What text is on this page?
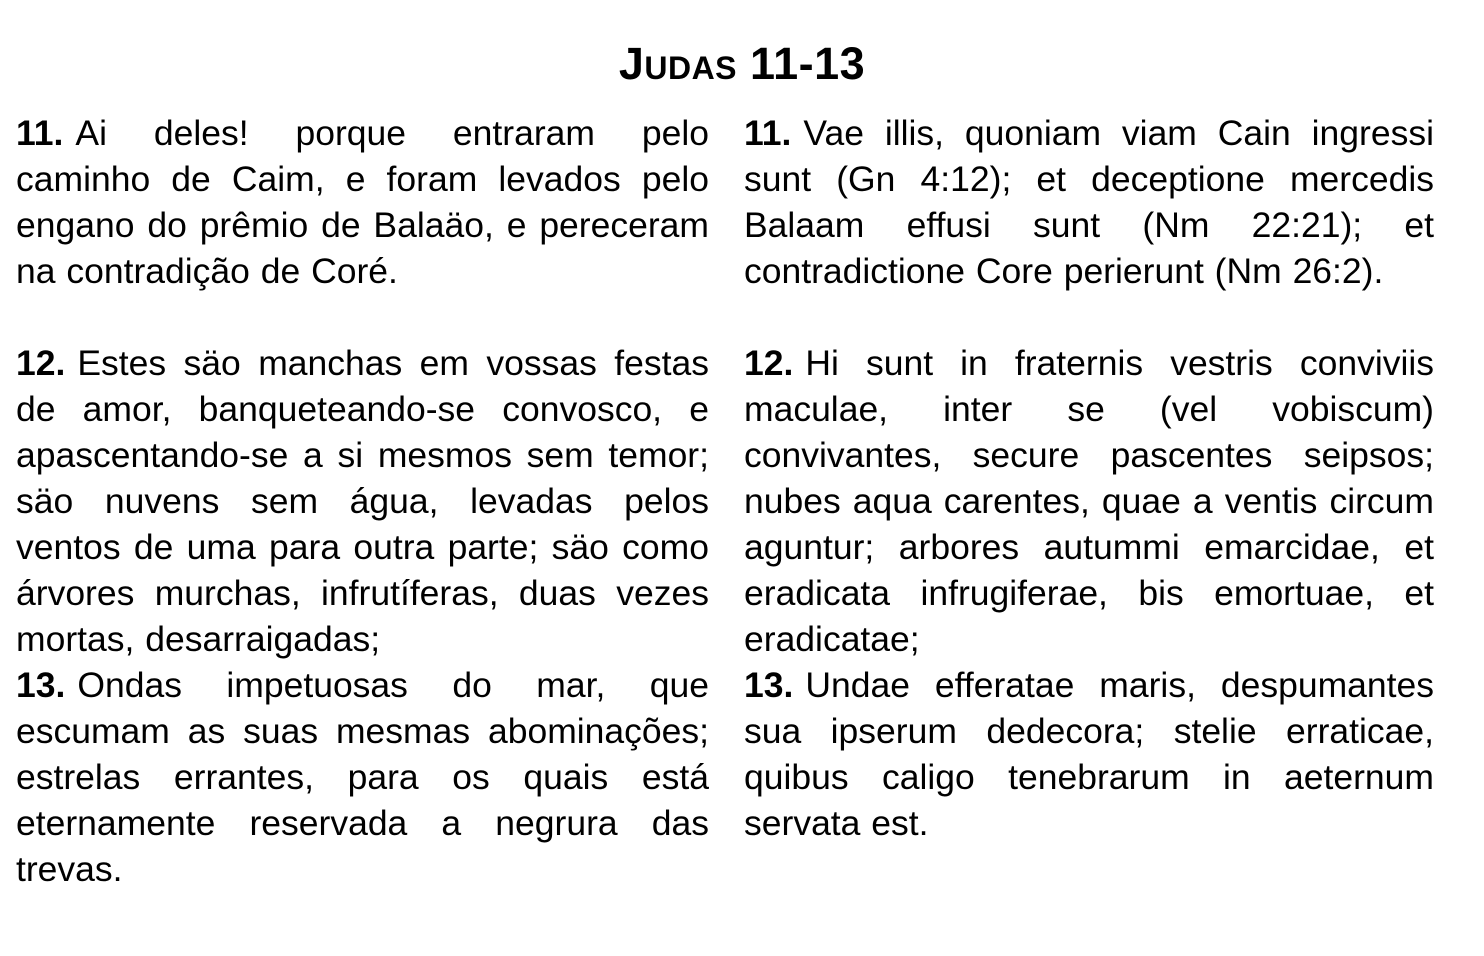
Judas 11-13
11. Ai deles! porque entraram pelo caminho de Caim, e foram levados pelo engano do prêmio de Balaäo, e pereceram na contradição de Coré.
11. Vae illis, quoniam viam Cain ingressi sunt (Gn 4:12); et deceptione mercedis Balaam effusi sunt (Nm 22:21); et contradictione Core perierunt (Nm 26:2).
12. Estes säo manchas em vossas festas de amor, banqueteando-se convosco, e apascentando-se a si mesmos sem temor; säo nuvens sem água, levadas pelos ventos de uma para outra parte; säo como árvores murchas, infrutíferas, duas vezes mortas, desarraigadas;
12. Hi sunt in fraternis vestris conviviis maculae, inter se (vel vobiscum) convivantes, secure pascentes seipsos; nubes aqua carentes, quae a ventis circum aguntur; arbores autummi emarcidae, et eradicata infrugiferae, bis emortuae, et eradicatae;
13. Ondas impetuosas do mar, que escumam as suas mesmas abominações; estrelas errantes, para os quais está eternamente reservada a negrura das trevas.
13. Undae efferatae maris, despumantes sua ipserum dedecora; stelie erraticae, quibus caligo tenebrarum in aeternum servata est.
